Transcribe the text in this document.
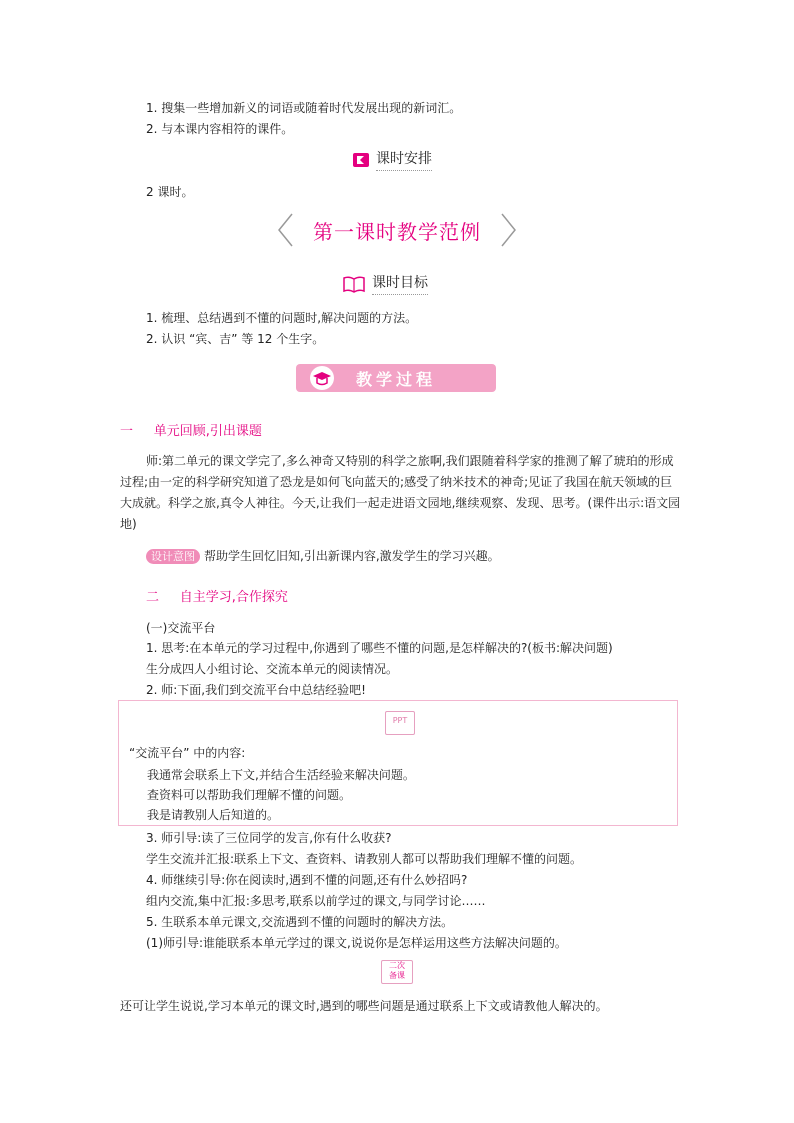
1. 搜集一些增加新义的词语或随着时代发展出现的新词汇。
2. 与本课内容相符的课件。
课时安排
2 课时。
第一课时教学范例
课时目标
1. 梳理、总结遇到不懂的问题时,解决问题的方法。
2. 认识 “宾、吉” 等 12 个生字。
教学过程
一 单元回顾,引出课题
师:第二单元的课文学完了,多么神奇又特别的科学之旅啊,我们跟随着科学家的推测了解了琥珀的形成
过程;由一定的科学研究知道了恐龙是如何飞向蓝天的;感受了纳米技术的神奇;见证了我国在航天领域的巨
大成就。科学之旅,真令人神往。今天,让我们一起走进语文园地,继续观察、发现、思考。(课件出示:语文园
地)
设计意图 帮助学生回忆旧知,引出新课内容,激发学生的学习兴趣。
二 自主学习,合作探究
(一)交流平台
1. 思考:在本单元的学习过程中,你遇到了哪些不懂的问题,是怎样解决的?(板书:解决问题)
生分成四人小组讨论、交流本单元的阅读情况。
2. 师:下面,我们到交流平台中总结经验吧!
PPT
“交流平台” 中的内容:
我通常会联系上下文,并结合生活经验来解决问题。
查资料可以帮助我们理解不懂的问题。
我是请教别人后知道的。
3. 师引导:读了三位同学的发言,你有什么收获?
学生交流并汇报:联系上下文、查资料、请教别人都可以帮助我们理解不懂的问题。
4. 师继续引导:你在阅读时,遇到不懂的问题,还有什么妙招吗?
组内交流,集中汇报:多思考,联系以前学过的课文,与同学讨论……
5. 生联系本单元课文,交流遇到不懂的问题时的解决方法。
(1)师引导:谁能联系本单元学过的课文,说说你是怎样运用这些方法解决问题的。
二次
备课
还可让学生说说,学习本单元的课文时,遇到的哪些问题是通过联系上下文或请教他人解决的。
